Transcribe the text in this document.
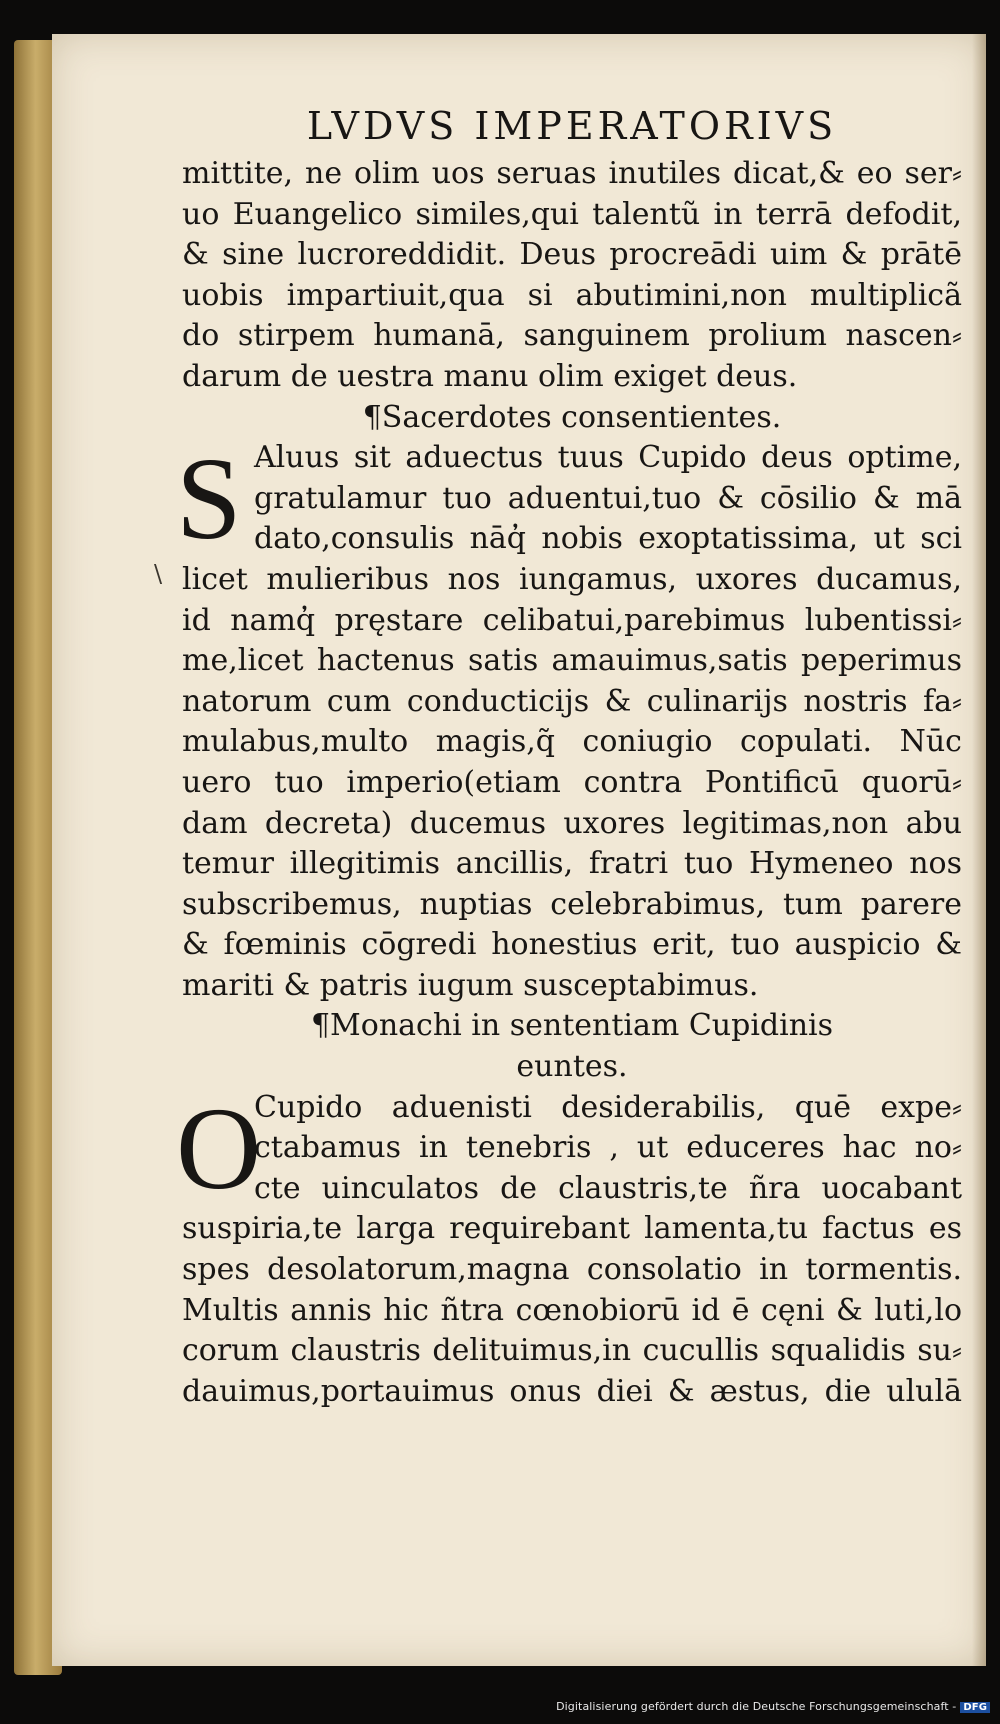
LVDVS IMPERATORIVS
mittite, ne olim uos seruas inutiles dicat,& eo ser⸗
uo Euangelico similes,qui talentũ in terrā defodit,
& sine lucroreddidit. Deus procreādi uim & prātē
uobis impartiuit,qua si abutimini,non multiplicã
do stirpem humanā, sanguinem prolium nascen⸗
darum de uestra manu olim exiget deus.
¶Sacerdotes consentientes.
S Aluus sit aduectus tuus Cupido deus optime,
gratulamur tuo aduentui,tuo & cōsilio & mā
dato,consulis nāq̓ nobis exoptatissima, ut sci
\ licet mulieribus nos iungamus, uxores ducamus,
id namq̓ pręstare celibatui,parebimus lubentissi⸗
me,licet hactenus satis amauimus,satis peperimus
natorum cum conducticijs & culinarijs nostris fa⸗
mulabus,multo magis,q̃ coniugio copulati. Nūc
uero tuo imperio(etiam contra Pontificū quorū⸗
dam decreta) ducemus uxores legitimas,non abu
temur illegitimis ancillis, fratri tuo Hymeneo nos
subscribemus, nuptias celebrabimus, tum parere
& fœminis cōgredi honestius erit, tuo auspicio &
mariti & patris iugum susceptabimus.
¶Monachi in sententiam Cupidinis
euntes.
O
Cupido aduenisti desiderabilis, quē expe⸗
ctabamus in tenebris , ut educeres hac no⸗
cte uinculatos de claustris,te ñra uocabant
suspiria,te larga requirebant lamenta,tu factus es
spes desolatorum,magna consolatio in tormentis.
Multis annis hic ñtra cœnobiorū id ē cęni & luti,lo
corum claustris delituimus,in cucullis squalidis su⸗
dauimus,portauimus onus diei & æstus, die ululā
Digitalisierung gefördert durch die Deutsche Forschungsgemeinschaft - DFG
